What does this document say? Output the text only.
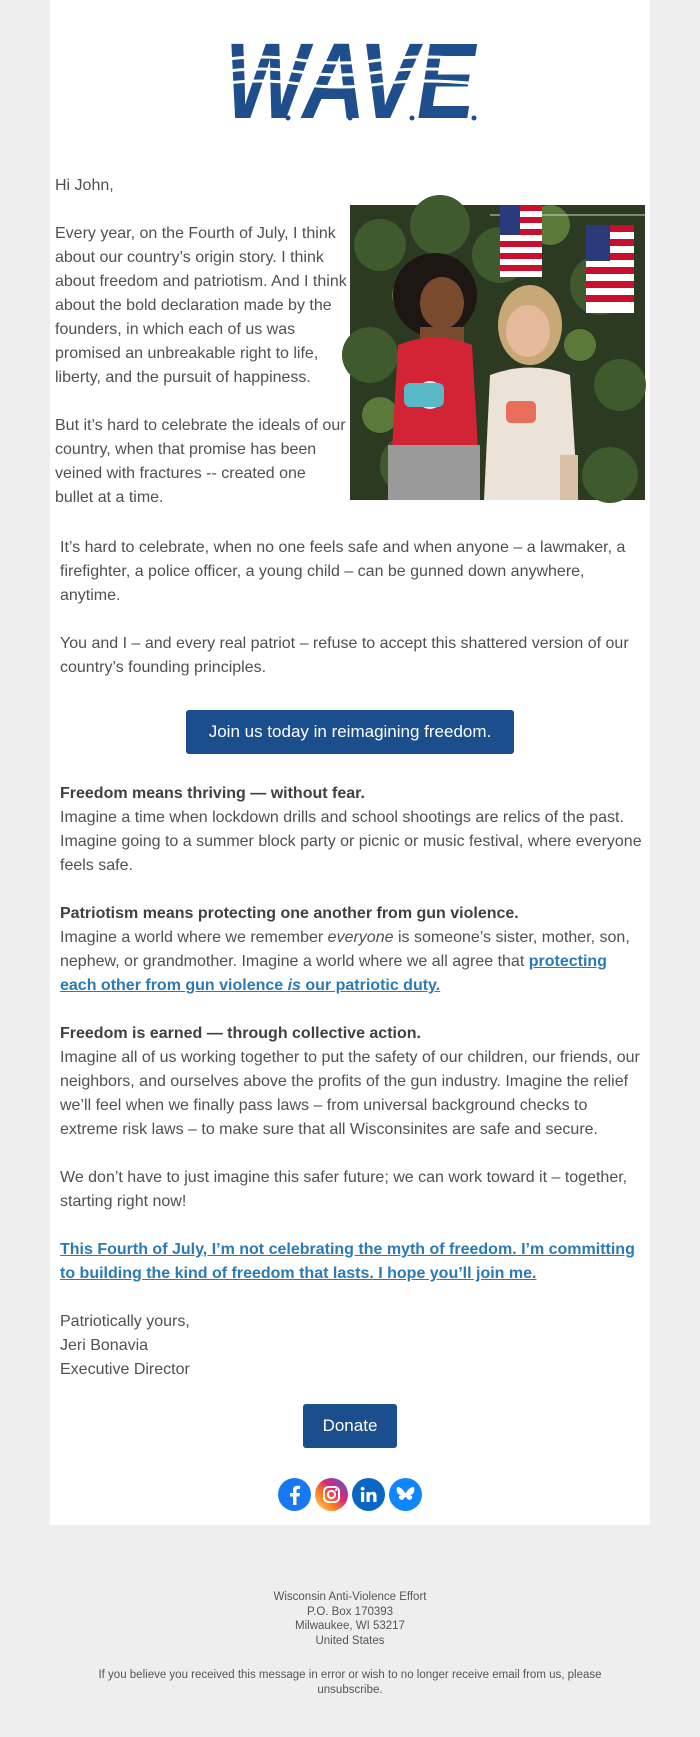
Hi John,

Every year, on the Fourth of July, I think about our country’s origin story. I think about freedom and patriotism. And I think about the bold declaration made by the founders, in which each of us was promised an unbreakable right to life, liberty, and the pursuit of happiness.

But it’s hard to celebrate the ideals of our country, when that promise has been veined with fractures -- created one bullet at a time.

It’s hard to celebrate, when no one feels safe and when anyone – a lawmaker, a firefighter, a police officer, a young child – can be gunned down anywhere, anytime.

You and I – and every real patriot – refuse to accept this shattered version of our country’s founding principles.

Join us today in reimagining freedom.

Freedom means thriving — without fear.
Imagine a time when lockdown drills and school shootings are relics of the past. Imagine going to a summer block party or picnic or music festival, where everyone feels safe.

Patriotism means protecting one another from gun violence.
Imagine a world where we remember everyone is someone’s sister, mother, son, nephew, or grandmother. Imagine a world where we all agree that protecting each other from gun violence is our patriotic duty.

Freedom is earned — through collective action.
Imagine all of us working together to put the safety of our children, our friends, our neighbors, and ourselves above the profits of the gun industry. Imagine the relief we’ll feel when we finally pass laws – from universal background checks to extreme risk laws – to make sure that all Wisconsinites are safe and secure.

We don’t have to just imagine this safer future; we can work toward it – together, starting right now!

This Fourth of July, I’m not celebrating the myth of freedom. I’m committing to building the kind of freedom that lasts. I hope you’ll join me.

Patriotically yours,
Jeri Bonavia
Executive Director

Donate

Wisconsin Anti-Violence Effort

P.O. Box 170393

Milwaukee, WI 53217

United States

If you believe you received this message in error or wish to no longer receive email from us, please unsubscribe.
